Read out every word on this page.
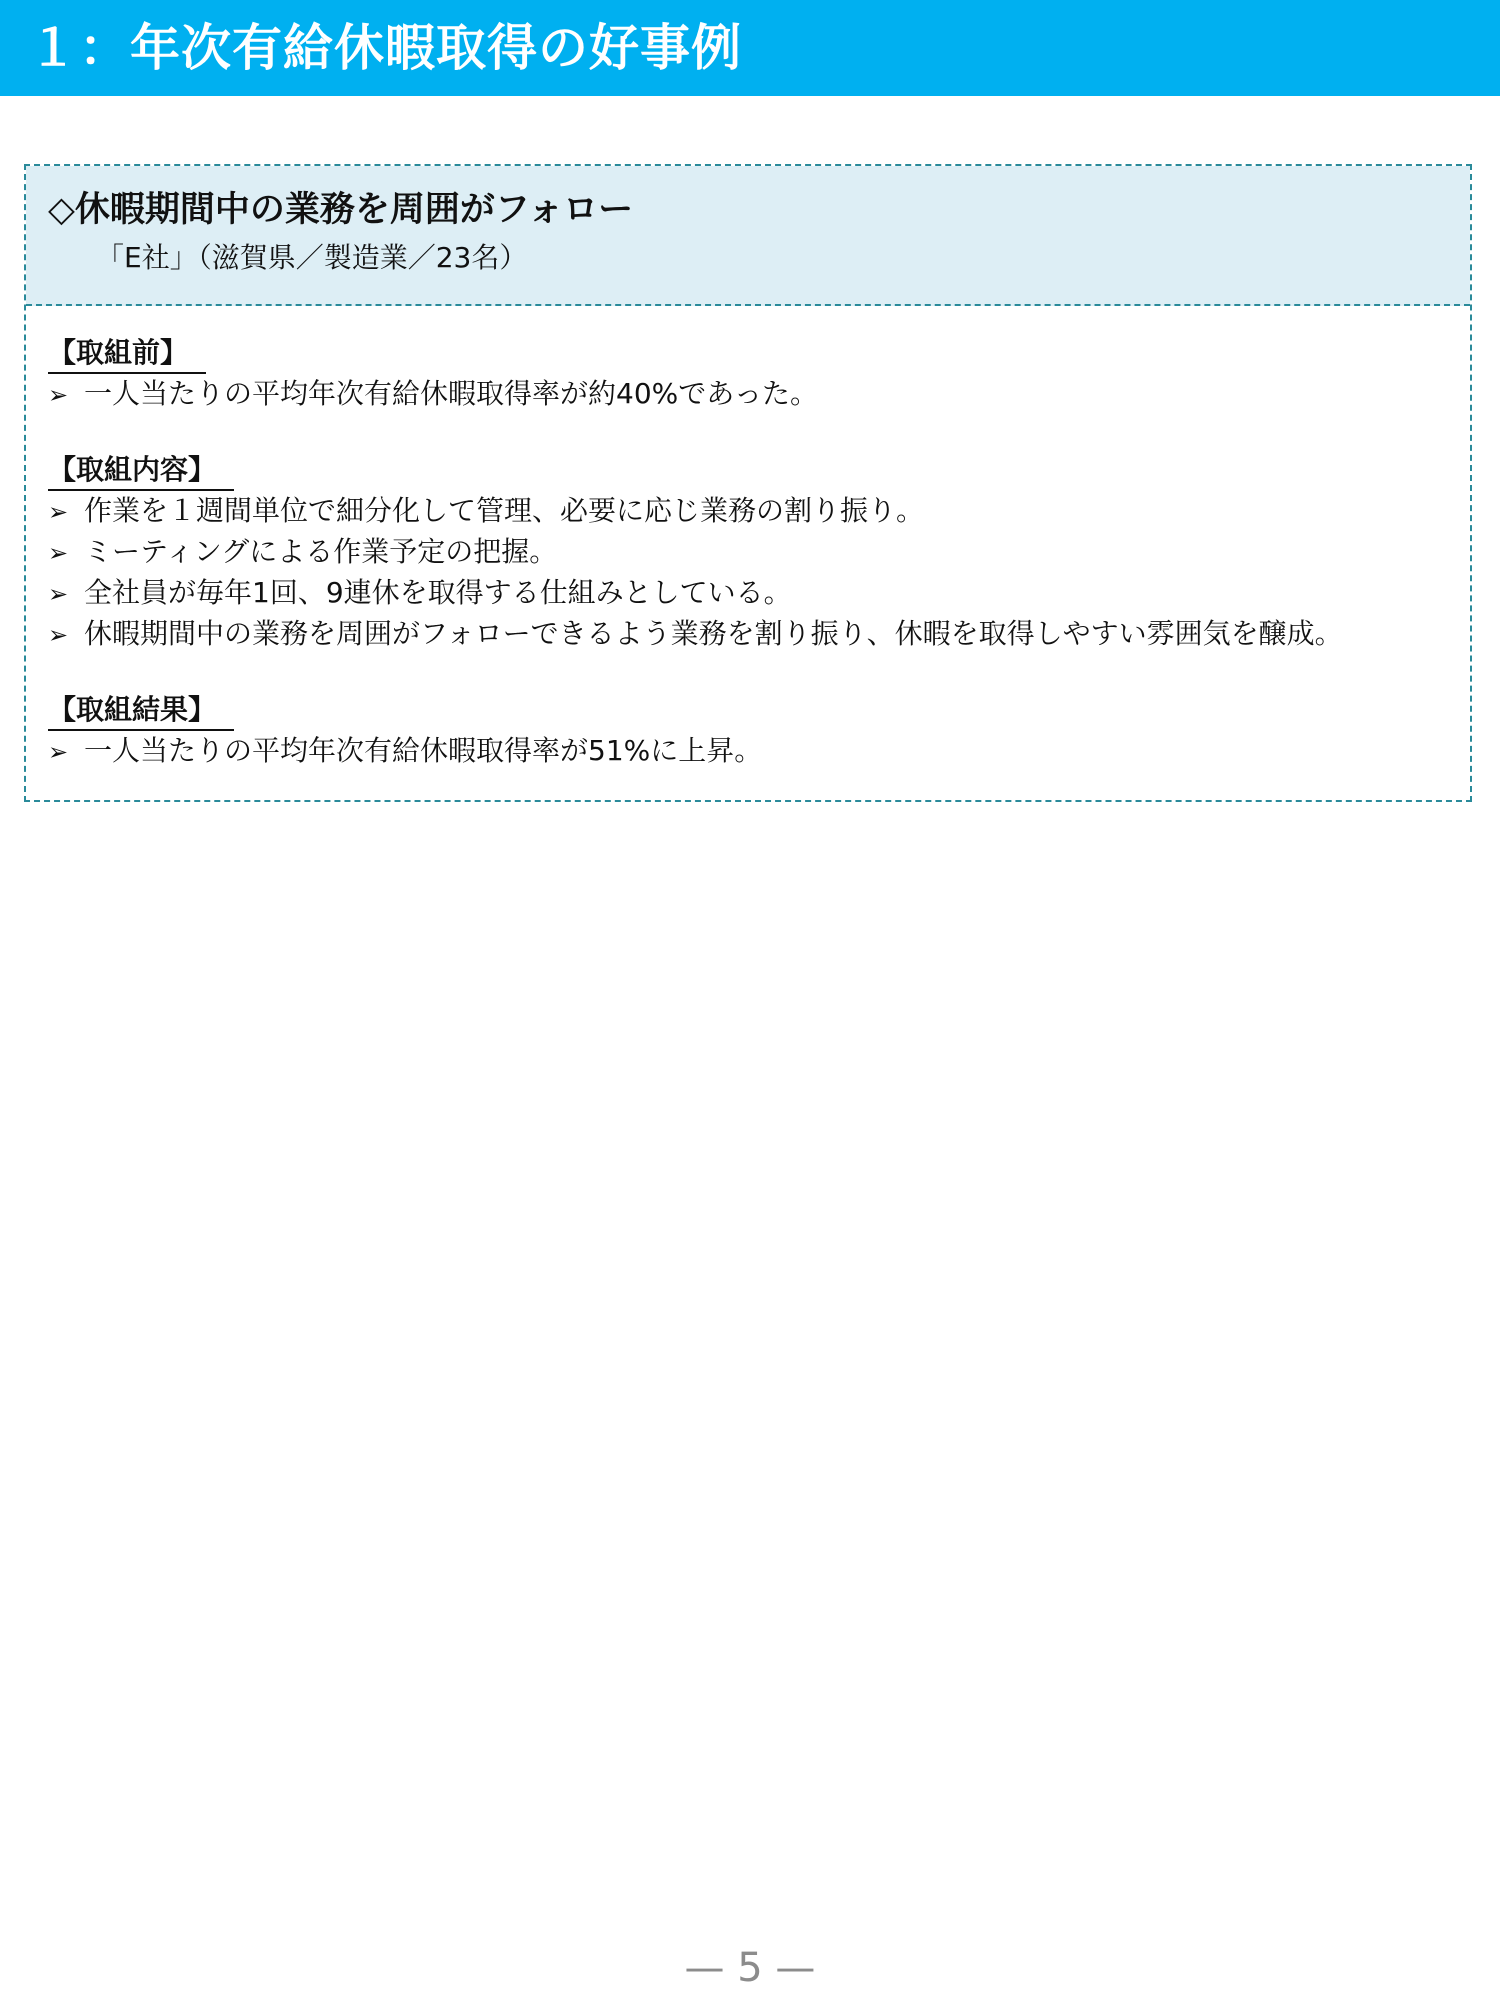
１：年次有給休暇取得の好事例
◇休暇期間中の業務を周囲がフォロー
「E社」（滋賀県／製造業／23名）
【取組前】
➢ 一人当たりの平均年次有給休暇取得率が約40%であった。
【取組内容】
➢ 作業を１週間単位で細分化して管理、必要に応じ業務の割り振り。
➢ ミーティングによる作業予定の把握。
➢ 全社員が毎年1回、9連休を取得する仕組みとしている。
➢ 休暇期間中の業務を周囲がフォローできるよう業務を割り振り、休暇を取得しやすい雰囲気を醸成。
【取組結果】
➢ 一人当たりの平均年次有給休暇取得率が51%に上昇。
— 5 —
